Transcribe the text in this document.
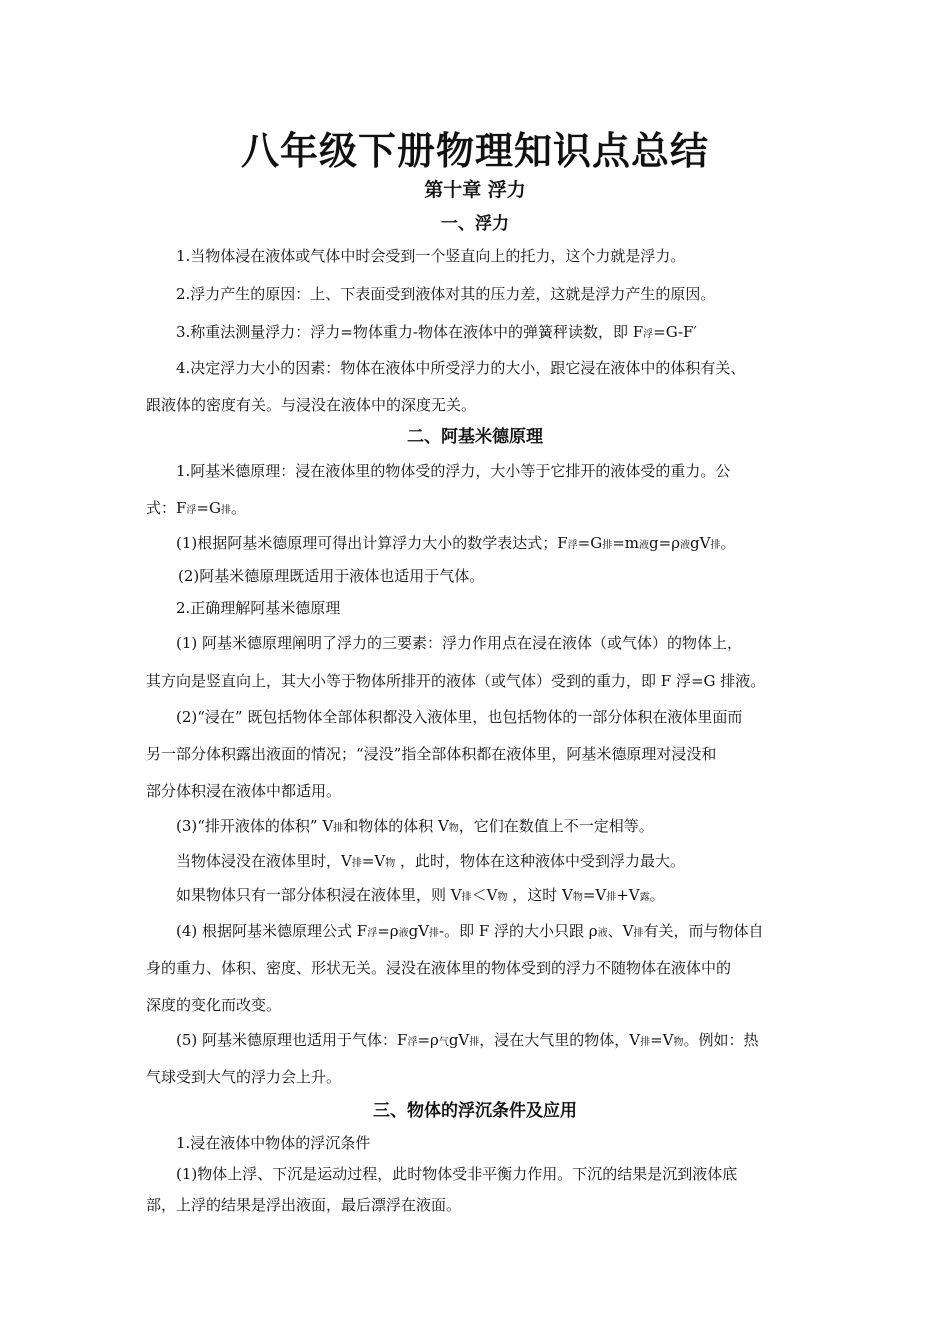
八年级下册物理知识点总结
第十章 浮力
一、浮力
1.当物体浸在液体或气体中时会受到一个竖直向上的托力，这个力就是浮力。
2.浮力产生的原因：上、下表面受到液体对其的压力差，这就是浮力产生的原因。
3.称重法测量浮力：浮力=物体重力-物体在液体中的弹簧秤读数，即 F浮=G-F′
4.决定浮力大小的因素：物体在液体中所受浮力的大小，跟它浸在液体中的体积有关、
跟液体的密度有关。与浸没在液体中的深度无关。
二、阿基米德原理
1.阿基米德原理：浸在液体里的物体受的浮力，大小等于它排开的液体受的重力。公
式：F浮=G排。
(1)根据阿基米德原理可得出计算浮力大小的数学表达式；F浮=G排=m液g=ρ液gV排。
(2)阿基米德原理既适用于液体也适用于气体。
2.正确理解阿基米德原理
(1) 阿基米德原理阐明了浮力的三要素：浮力作用点在浸在液体（或气体）的物体上，
其方向是竖直向上，其大小等于物体所排开的液体（或气体）受到的重力，即 F 浮=G 排液。
(2)“浸在” 既包括物体全部体积都没入液体里，也包括物体的一部分体积在液体里面而
另一部分体积露出液面的情况；“浸没”指全部体积都在液体里，阿基米德原理对浸没和
部分体积浸在液体中都适用。
(3)“排开液体的体积” V排和物体的体积 V物，它们在数值上不一定相等。
当物体浸没在液体里时，V排=V物 ，此时，物体在这种液体中受到浮力最大。
如果物体只有一部分体积浸在液体里，则 V排＜V物 ，这时 V物=V排+V露。
(4) 根据阿基米德原理公式 F浮=ρ液gV排-。即 F 浮的大小只跟 ρ液、V排有关，而与物体自
身的重力、体积、密度、形状无关。浸没在液体里的物体受到的浮力不随物体在液体中的
深度的变化而改变。
(5) 阿基米德原理也适用于气体：F浮=ρ气gV排，浸在大气里的物体，V排=V物。例如：热
气球受到大气的浮力会上升。
三、物体的浮沉条件及应用
1.浸在液体中物体的浮沉条件
(1)物体上浮、下沉是运动过程，此时物体受非平衡力作用。下沉的结果是沉到液体底
部，上浮的结果是浮出液面，最后漂浮在液面。
